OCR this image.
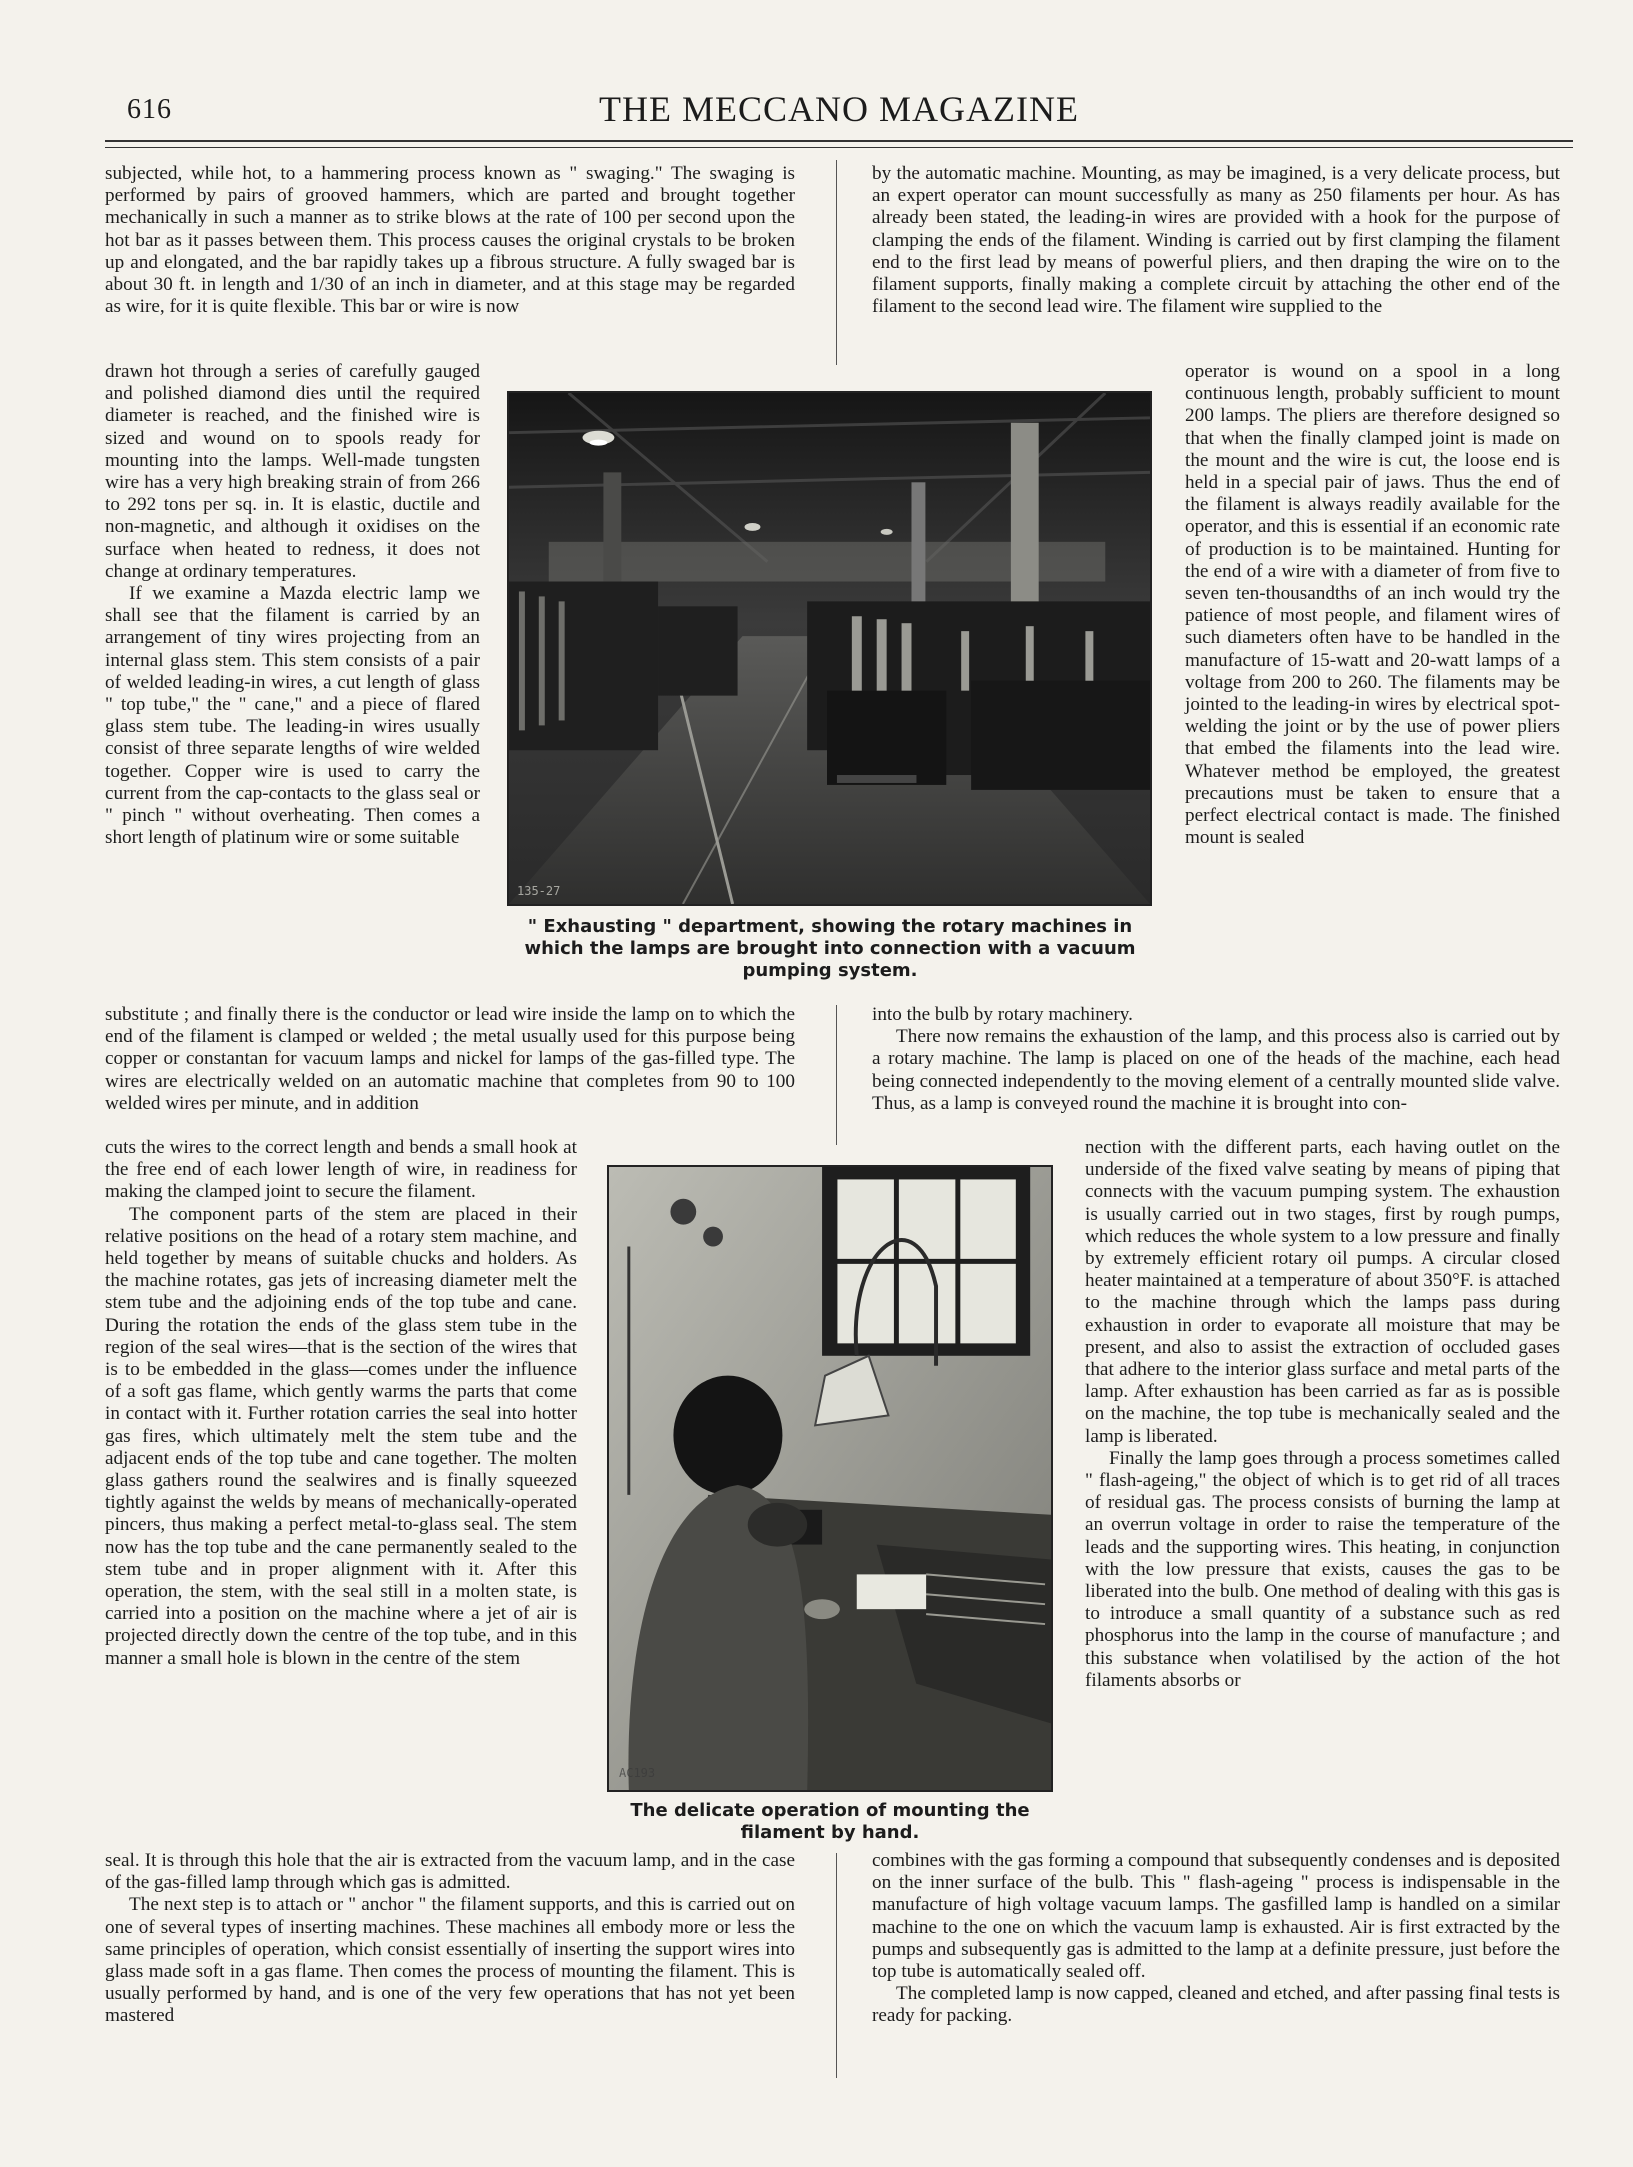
616	THE MECCANO MAGAZINE

subjected, while hot, to a hammering process known as " swaging." The swaging is performed by pairs of grooved hammers, which are parted and brought together mechanically in such a manner as to strike blows at the rate of 100 per second upon the hot bar as it passes between them. This process causes the original crystals to be broken up and elongated, and the bar rapidly takes up a fibrous structure. A fully swaged bar is about 30 ft. in length and 1/30 of an inch in diameter, and at this stage may be regarded as wire, for it is quite flexible. This bar or wire is now

drawn hot through a series of carefully gauged and polished diamond dies until the required diameter is reached, and the finished wire is sized and wound on to spools ready for mounting into the lamps. Well-made tungsten wire has a very high breaking strain of from 266 to 292 tons per sq. in. It is elastic, ductile and non-magnetic, and although it oxidises on the surface when heated to redness, it does not change at ordinary temperatures.

If we examine a Mazda electric lamp we shall see that the filament is carried by an arrangement of tiny wires projecting from an internal glass stem. This stem consists of a pair of welded leading-in wires, a cut length of glass " top tube," the " cane," and a piece of flared glass stem tube. The leading-in wires usually consist of three separate lengths of wire welded together. Copper wire is used to carry the current from the cap-contacts to the glass seal or " pinch " without overheating. Then comes a short length of platinum wire or some suitable

substitute ; and finally there is the conductor or lead wire inside the lamp on to which the end of the filament is clamped or welded ; the metal usually used for this purpose being copper or constantan for vacuum lamps and nickel for lamps of the gas-filled type. The wires are electrically welded on an automatic machine that completes from 90 to 100 welded wires per minute, and in addition

cuts the wires to the correct length and bends a small hook at the free end of each lower length of wire, in readiness for making the clamped joint to secure the filament.

The component parts of the stem are placed in their relative positions on the head of a rotary stem machine, and held together by means of suitable chucks and holders. As the machine rotates, gas jets of increasing diameter melt the stem tube and the adjoining ends of the top tube and cane. During the rotation the ends of the glass stem tube in the region of the seal wires—that is the section of the wires that is to be embedded in the glass—comes under the influence of a soft gas flame, which gently warms the parts that come in contact with it. Further rotation carries the seal into hotter gas fires, which ultimately melt the stem tube and the adjacent ends of the top tube and cane together. The molten glass gathers round the sealwires and is finally squeezed tightly against the welds by means of mechanically-operated pincers, thus making a perfect metal-to-glass seal. The stem now has the top tube and the cane permanently sealed to the stem tube and in proper alignment with it. After this operation, the stem, with the seal still in a molten state, is carried into a position on the machine where a jet of air is projected directly down the centre of the top tube, and in this manner a small hole is blown in the centre of the stem

seal. It is through this hole that the air is extracted from the vacuum lamp, and in the case of the gas-filled lamp through which gas is admitted.

The next step is to attach or " anchor " the filament supports, and this is carried out on one of several types of inserting machines. These machines all embody more or less the same principles of operation, which consist essentially of inserting the support wires into glass made soft in a gas flame. Then comes the process of mounting the filament. This is usually performed by hand, and is one of the very few operations that has not yet been mastered

by the automatic machine. Mounting, as may be imagined, is a very delicate process, but an expert operator can mount successfully as many as 250 filaments per hour. As has already been stated, the leading-in wires are provided with a hook for the purpose of clamping the ends of the filament. Winding is carried out by first clamping the filament end to the first lead by means of powerful pliers, and then draping the wire on to the filament supports, finally making a complete circuit by attaching the other end of the filament to the second lead wire. The filament wire supplied to the

operator is wound on a spool in a long continuous length, probably sufficient to mount 200 lamps. The pliers are therefore designed so that when the finally clamped joint is made on the mount and the wire is cut, the loose end is held in a special pair of jaws. Thus the end of the filament is always readily available for the operator, and this is essential if an economic rate of production is to be maintained. Hunting for the end of a wire with a diameter of from five to seven ten-thousandths of an inch would try the patience of most people, and filament wires of such diameters often have to be handled in the manufacture of 15-watt and 20-watt lamps of a voltage from 200 to 260. The filaments may be jointed to the leading-in wires by electrical spot-welding the joint or by the use of power pliers that embed the filaments into the lead wire. Whatever method be employed, the greatest precautions must be taken to ensure that a perfect electrical contact is made. The finished mount is sealed

into the bulb by rotary machinery.

There now remains the exhaustion of the lamp, and this process also is carried out by a rotary machine. The lamp is placed on one of the heads of the machine, each head being connected independently to the moving element of a centrally mounted slide valve. Thus, as a lamp is conveyed round the machine it is brought into con-

nection with the different parts, each having outlet on the underside of the fixed valve seating by means of piping that connects with the vacuum pumping system. The exhaustion is usually carried out in two stages, first by rough pumps, which reduces the whole system to a low pressure and finally by extremely efficient rotary oil pumps. A circular closed heater maintained at a temperature of about 350°F. is attached to the machine through which the lamps pass during exhaustion in order to evaporate all moisture that may be present, and also to assist the extraction of occluded gases that adhere to the interior glass surface and metal parts of the lamp. After exhaustion has been carried as far as is possible on the machine, the top tube is mechanically sealed and the lamp is liberated.

Finally the lamp goes through a process sometimes called " flash-ageing," the object of which is to get rid of all traces of residual gas. The process consists of burning the lamp at an overrun voltage in order to raise the temperature of the leads and the supporting wires. This heating, in conjunction with the low pressure that exists, causes the gas to be liberated into the bulb. One method of dealing with this gas is to introduce a small quantity of a substance such as red phosphorus into the lamp in the course of manufacture ; and this substance when volatilised by the action of the hot filaments absorbs or

combines with the gas forming a compound that subsequently condenses and is deposited on the inner surface of the bulb. This " flash-ageing " process is indispensable in the manufacture of high voltage vacuum lamps. The gasfilled lamp is handled on a similar machine to the one on which the vacuum lamp is exhausted. Air is first extracted by the pumps and subsequently gas is admitted to the lamp at a definite pressure, just before the top tube is automatically sealed off.

The completed lamp is now capped, cleaned and etched, and after passing final tests is ready for packing.

135-27
" Exhausting " department, showing the rotary machines in which the lamps are brought into connection with a vacuum pumping system.
AC193
The delicate operation of mounting the filament by hand.
